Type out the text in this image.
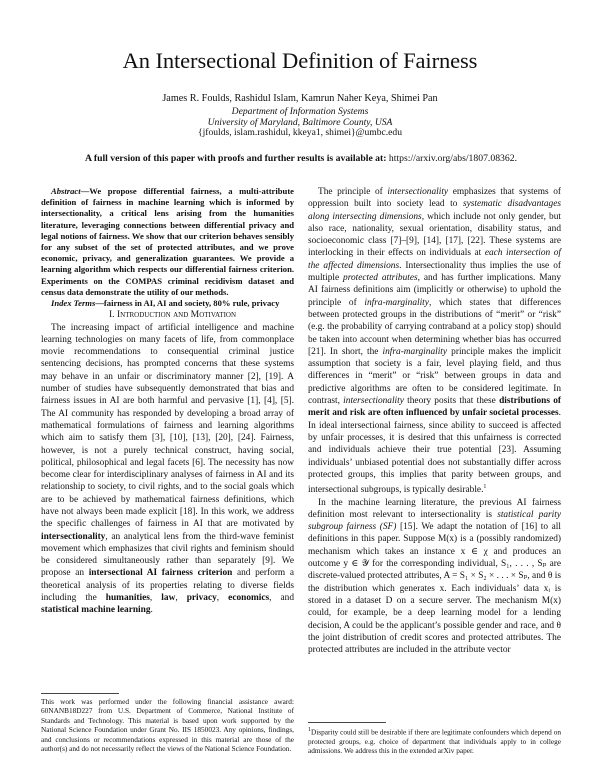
An Intersectional Definition of Fairness
James R. Foulds, Rashidul Islam, Kamrun Naher Keya, Shimei Pan
Department of Information Systems
University of Maryland, Baltimore County, USA
{jfoulds, islam.rashidul, kkeya1, shimei}@umbc.edu
A full version of this paper with proofs and further results is available at: https://arxiv.org/abs/1807.08362.

Abstract—We propose differential fairness, a multi-attribute definition of fairness in machine learning which is informed by intersectionality, a critical lens arising from the humanities literature, leveraging connections between differential privacy and legal notions of fairness. We show that our criterion behaves sensibly for any subset of the set of protected attributes, and we prove economic, privacy, and generalization guarantees. We provide a learning algorithm which respects our differential fairness criterion. Experiments on the COMPAS criminal recidivism dataset and census data demonstrate the utility of our methods.

Index Terms—fairness in AI, AI and society, 80% rule, privacy

I. Introduction and Motivation

The increasing impact of artificial intelligence and machine learning technologies on many facets of life, from commonplace movie recommendations to consequential criminal justice sentencing decisions, has prompted concerns that these systems may behave in an unfair or discriminatory manner [2], [19]. A number of studies have subsequently demonstrated that bias and fairness issues in AI are both harmful and pervasive [1], [4], [5]. The AI community has responded by developing a broad array of mathematical formulations of fairness and learning algorithms which aim to satisfy them [3], [10], [13], [20], [24]. Fairness, however, is not a purely technical construct, having social, political, philosophical and legal facets [6]. The necessity has now become clear for interdisciplinary analyses of fairness in AI and its relationship to society, to civil rights, and to the social goals which are to be achieved by mathematical fairness definitions, which have not always been made explicit [18]. In this work, we address the specific challenges of fairness in AI that are motivated by intersectionality, an analytical lens from the third-wave feminist movement which emphasizes that civil rights and feminism should be considered simultaneously rather than separately [9]. We propose an intersectional AI fairness criterion and perform a theoretical analysis of its properties relating to diverse fields including the humanities, law, privacy, economics, and statistical machine learning.

The principle of intersectionality emphasizes that systems of oppression built into society lead to systematic disadvantages along intersecting dimensions, which include not only gender, but also race, nationality, sexual orientation, disability status, and socioeconomic class [7]–[9], [14], [17], [22]. These systems are interlocking in their effects on individuals at each intersection of the affected dimensions. Intersectionality thus implies the use of multiple protected attributes, and has further implications. Many AI fairness definitions aim (implicitly or otherwise) to uphold the principle of infra-marginality, which states that differences between protected groups in the distributions of “merit” or “risk” (e.g. the probability of carrying contraband at a policy stop) should be taken into account when determining whether bias has occurred [21]. In short, the infra-marginality principle makes the implicit assumption that society is a fair, level playing field, and thus differences in “merit” or “risk” between groups in data and predictive algorithms are often to be considered legitimate. In contrast, intersectionality theory posits that these distributions of merit and risk are often influenced by unfair societal processes. In ideal intersectional fairness, since ability to succeed is affected by unfair processes, it is desired that this unfairness is corrected and individuals achieve their true potential [23]. Assuming individuals’ unbiased potential does not substantially differ across protected groups, this implies that parity between groups, and intersectional subgroups, is typically desirable.$^1$

In the machine learning literature, the previous AI fairness definition most relevant to intersectionality is statistical parity subgroup fairness (SF) [15]. We adapt the notation of [16] to all definitions in this paper. Suppose M(x) is a (possibly randomized) mechanism which takes an instance x ∈ χ and produces an outcome y ∈ 𝒴 for the corresponding individual, S₁, . . . , Sₚ are discrete-valued protected attributes, A = S₁ × S₂ × . . . × Sₚ, and θ is the distribution which generates x. Each individuals’ data xᵢ is stored in a dataset D on a secure server. The mechanism M(x) could, for example, be a deep learning model for a lending decision, A could be the applicant’s possible gender and race, and θ the joint distribution of credit scores and protected attributes. The protected attributes are included in the attribute vector

This work was performed under the following financial assistance award: 60NANB18D227 from U.S. Department of Commerce, National Institute of Standards and Technology. This material is based upon work supported by the National Science Foundation under Grant No. IIS 1850023. Any opinions, findings, and conclusions or recommendations expressed in this material are those of the author(s) and do not necessarily reflect the views of the National Science Foundation.
$^1$Disparity could still be desirable if there are legitimate confounders which depend on protected groups, e.g. choice of department that individuals apply to in college admissions. We address this in the extended arXiv paper.
